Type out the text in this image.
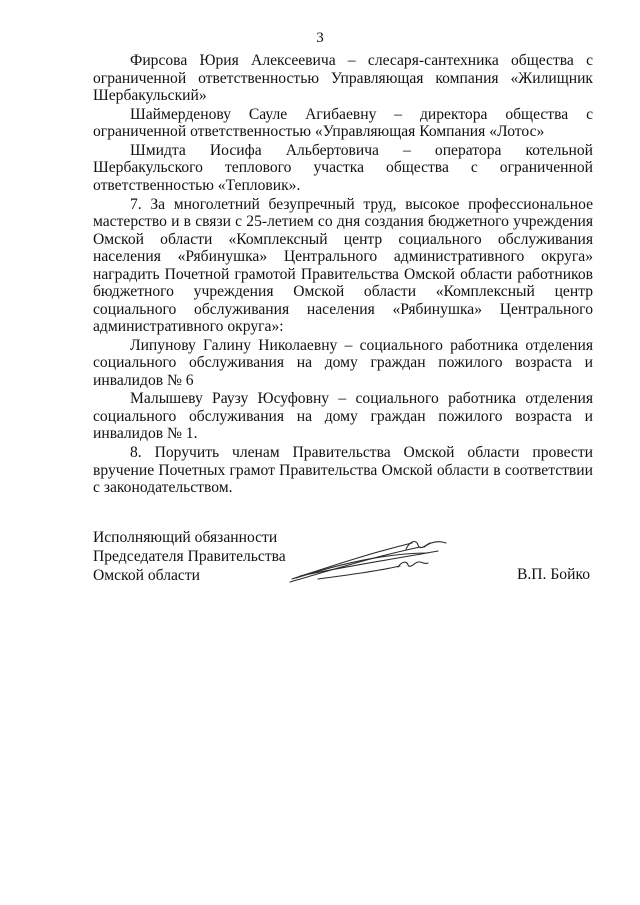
3

Фирсова Юрия Алексеевича – слесаря-сантехника общества с ограниченной ответственностью Управляющая компания «Жилищник Шербакульский»

Шаймерденову Сауле Агибаевну – директора общества с ограниченной ответственностью «Управляющая Компания «Лотос»

Шмидта Иосифа Альбертовича – оператора котельной Шербакульского теплового участка общества с ограниченной ответственностью «Тепловик».

7. За многолетний безупречный труд, высокое профессиональное мастерство и в связи с 25-летием со дня создания бюджетного учреждения Омской области «Комплексный центр социального обслуживания населения «Рябинушка» Центрального административного округа» наградить Почетной грамотой Правительства Омской области работников бюджетного учреждения Омской области «Комплексный центр социального обслуживания населения «Рябинушка» Центрального административного округа»:

Липунову Галину Николаевну – социального работника отделения социального обслуживания на дому граждан пожилого возраста и инвалидов № 6

Малышеву Раузу Юсуфовну – социального работника отделения социального обслуживания на дому граждан пожилого возраста и инвалидов № 1.

8. Поручить членам Правительства Омской области провести вручение Почетных грамот Правительства Омской области в соответствии с законодательством.

Исполняющий обязанности
Председателя Правительства
Омской области	В.П. Бойко
